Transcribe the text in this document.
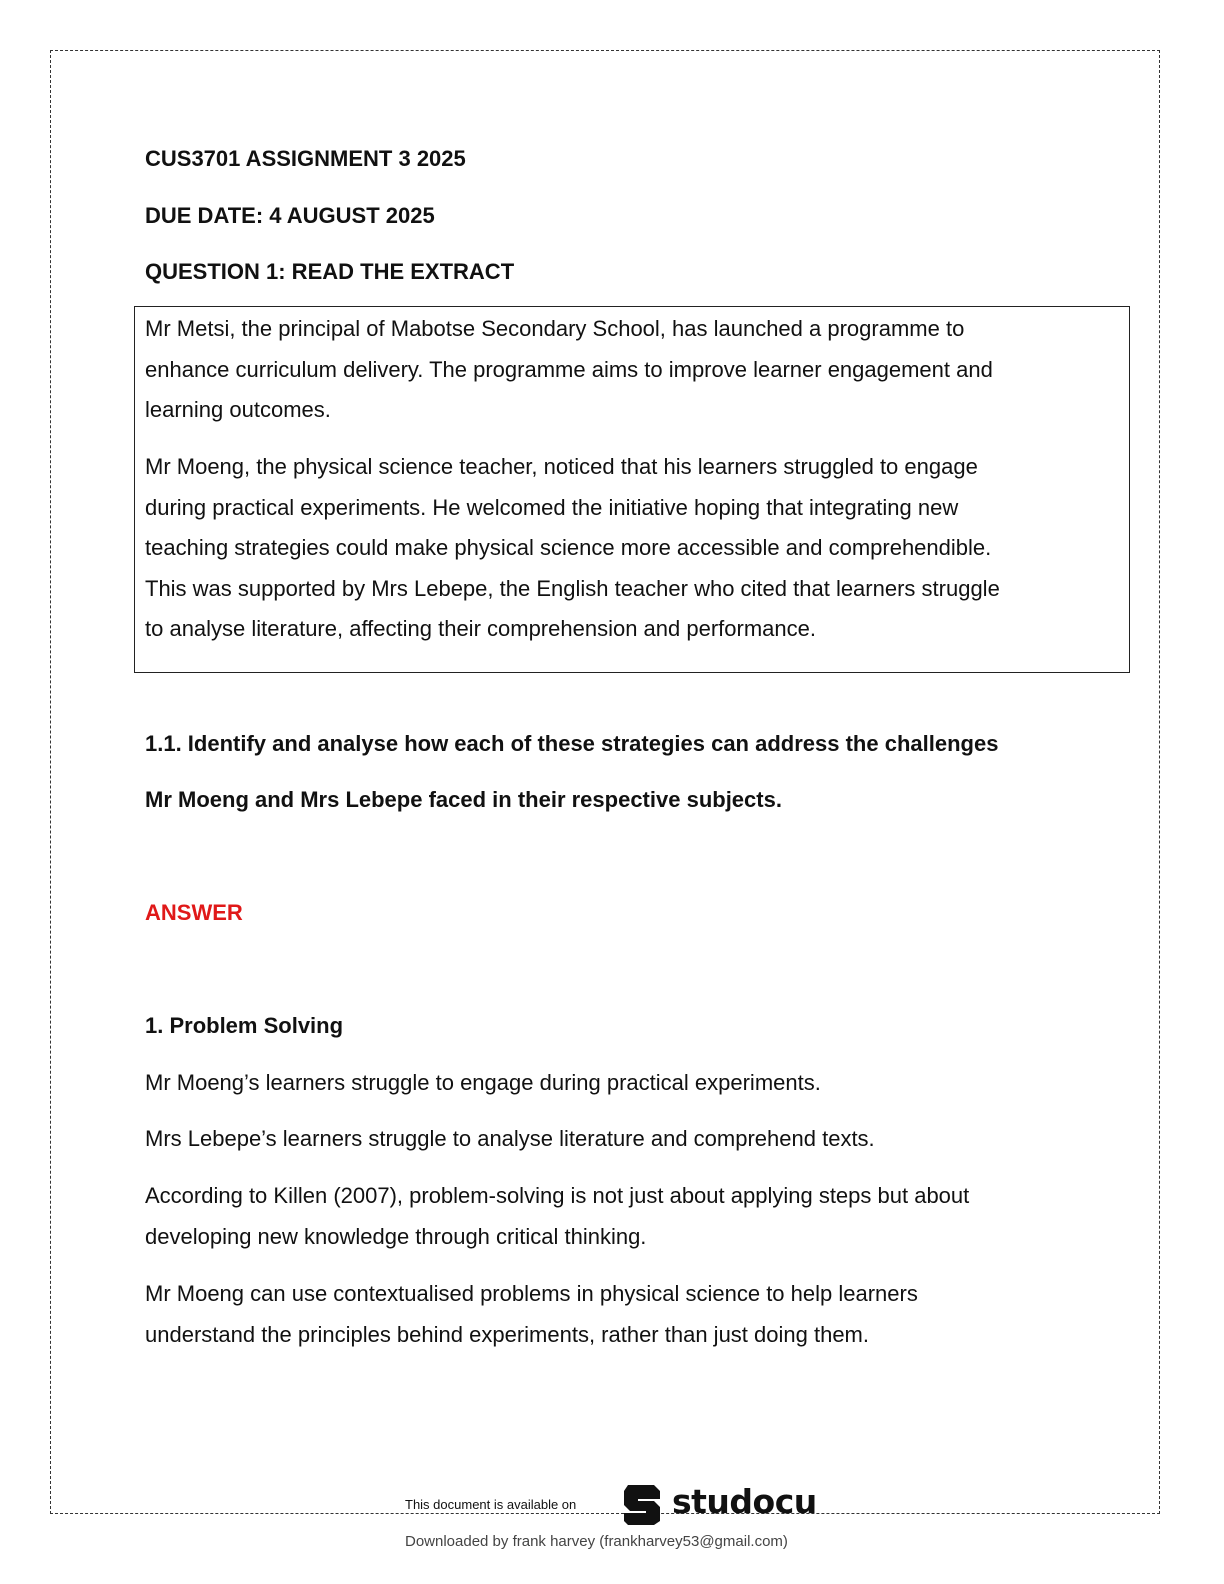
CUS3701 ASSIGNMENT 3 2025
DUE DATE: 4 AUGUST 2025
QUESTION 1: READ THE EXTRACT
Mr Metsi, the principal of Mabotse Secondary School, has launched a programme to
enhance curriculum delivery. The programme aims to improve learner engagement and
learning outcomes.
Mr Moeng, the physical science teacher, noticed that his learners struggled to engage
during practical experiments. He welcomed the initiative hoping that integrating new
teaching strategies could make physical science more accessible and comprehendible.
This was supported by Mrs Lebepe, the English teacher who cited that learners struggle
to analyse literature, affecting their comprehension and performance.
1.1. Identify and analyse how each of these strategies can address the challenges
Mr Moeng and Mrs Lebepe faced in their respective subjects.
ANSWER
1. Problem Solving
Mr Moeng’s learners struggle to engage during practical experiments.
Mrs Lebepe’s learners struggle to analyse literature and comprehend texts.
According to Killen (2007), problem-solving is not just about applying steps but about
developing new knowledge through critical thinking.
Mr Moeng can use contextualised problems in physical science to help learners
understand the principles behind experiments, rather than just doing them.
This document is available on	studocu
Downloaded by frank harvey (frankharvey53@gmail.com)
